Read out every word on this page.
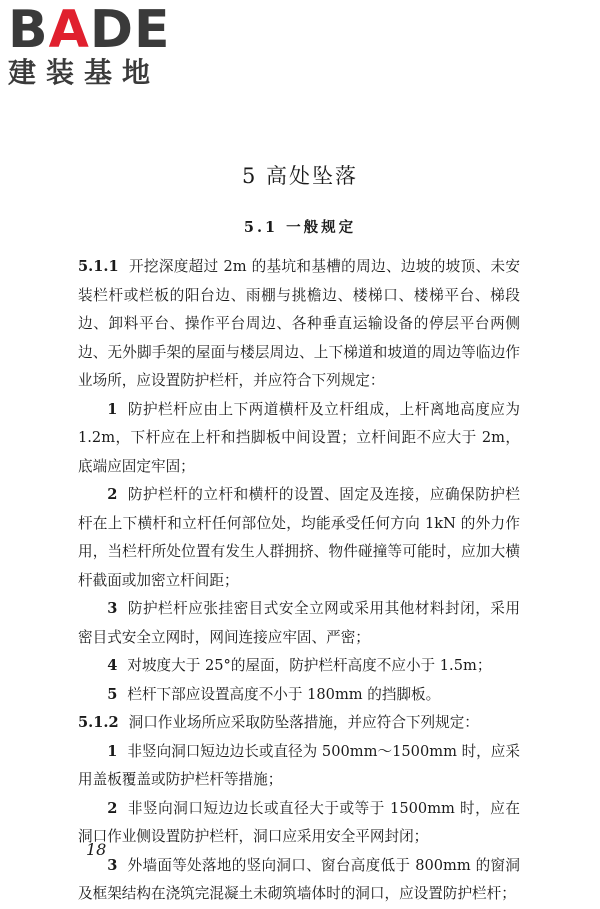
BADE
建装基地
5 高处坠落
5.1 一般规定

5.1.1 开挖深度超过 2m 的基坑和基槽的周边、边坡的坡顶、未安装栏杆或栏板的阳台边、雨棚与挑檐边、楼梯口、楼梯平台、梯段边、卸料平台、操作平台周边、各种垂直运输设备的停层平台两侧边、无外脚手架的屋面与楼层周边、上下梯道和坡道的周边等临边作业场所，应设置防护栏杆，并应符合下列规定：

1 防护栏杆应由上下两道横杆及立杆组成，上杆离地高度应为 1.2m，下杆应在上杆和挡脚板中间设置；立杆间距不应大于 2m，底端应固定牢固；

2 防护栏杆的立杆和横杆的设置、固定及连接，应确保防护栏杆在上下横杆和立杆任何部位处，均能承受任何方向 1kN 的外力作用，当栏杆所处位置有发生人群拥挤、物件碰撞等可能时，应加大横杆截面或加密立杆间距；

3 防护栏杆应张挂密目式安全立网或采用其他材料封闭，采用密目式安全立网时，网间连接应牢固、严密；

4 对坡度大于 25°的屋面，防护栏杆高度不应小于 1.5m；

5 栏杆下部应设置高度不小于 180mm 的挡脚板。

5.1.2 洞口作业场所应采取防坠落措施，并应符合下列规定：

1 非竖向洞口短边边长或直径为 500mm～1500mm 时，应采用盖板覆盖或防护栏杆等措施；

2 非竖向洞口短边边长或直径大于或等于 1500mm 时，应在洞口作业侧设置防护栏杆，洞口应采用安全平网封闭；

3 外墙面等处落地的竖向洞口、窗台高度低于 800mm 的窗洞及框架结构在浇筑完混凝土未砌筑墙体时的洞口，应设置防护栏杆；

18
